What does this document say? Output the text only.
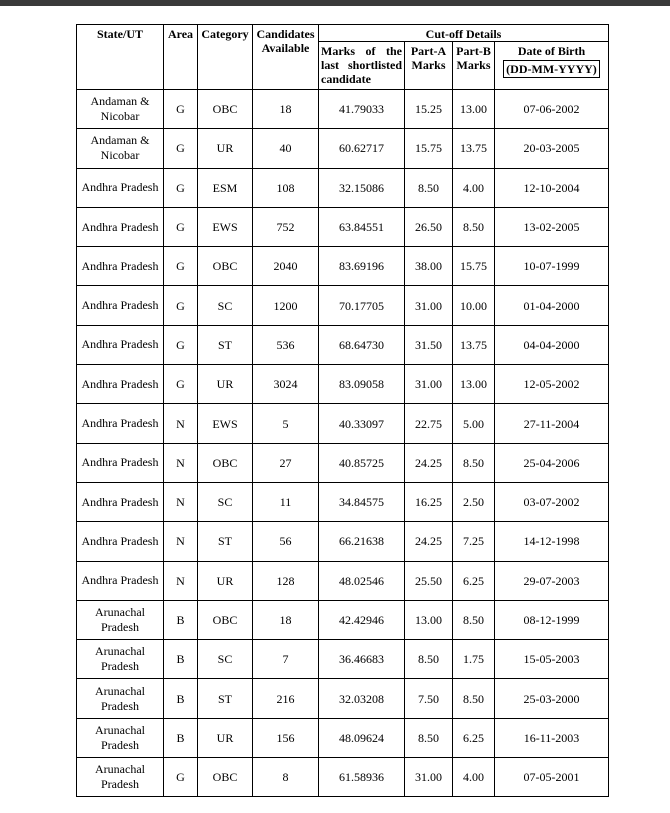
State/UT	Area	Category	Candidates Available	Cut-off Details			
				Marks of the last shortlisted candidate	Part-A Marks	Part-B Marks	Date of Birth
(DD-MM-YYYY)

Andaman & Nicobar	G	OBC	18	41.79033	15.25	13.00	07-06-2002
Andaman & Nicobar	G	UR	40	60.62717	15.75	13.75	20-03-2005
Andhra Pradesh	G	ESM	108	32.15086	8.50	4.00	12-10-2004
Andhra Pradesh	G	EWS	752	63.84551	26.50	8.50	13-02-2005
Andhra Pradesh	G	OBC	2040	83.69196	38.00	15.75	10-07-1999
Andhra Pradesh	G	SC	1200	70.17705	31.00	10.00	01-04-2000
Andhra Pradesh	G	ST	536	68.64730	31.50	13.75	04-04-2000
Andhra Pradesh	G	UR	3024	83.09058	31.00	13.00	12-05-2002
Andhra Pradesh	N	EWS	5	40.33097	22.75	5.00	27-11-2004
Andhra Pradesh	N	OBC	27	40.85725	24.25	8.50	25-04-2006
Andhra Pradesh	N	SC	11	34.84575	16.25	2.50	03-07-2002
Andhra Pradesh	N	ST	56	66.21638	24.25	7.25	14-12-1998
Andhra Pradesh	N	UR	128	48.02546	25.50	6.25	29-07-2003
Arunachal Pradesh	B	OBC	18	42.42946	13.00	8.50	08-12-1999
Arunachal Pradesh	B	SC	7	36.46683	8.50	1.75	15-05-2003
Arunachal Pradesh	B	ST	216	32.03208	7.50	8.50	25-03-2000
Arunachal Pradesh	B	UR	156	48.09624	8.50	6.25	16-11-2003
Arunachal Pradesh	G	OBC	8	61.58936	31.00	4.00	07-05-2001
